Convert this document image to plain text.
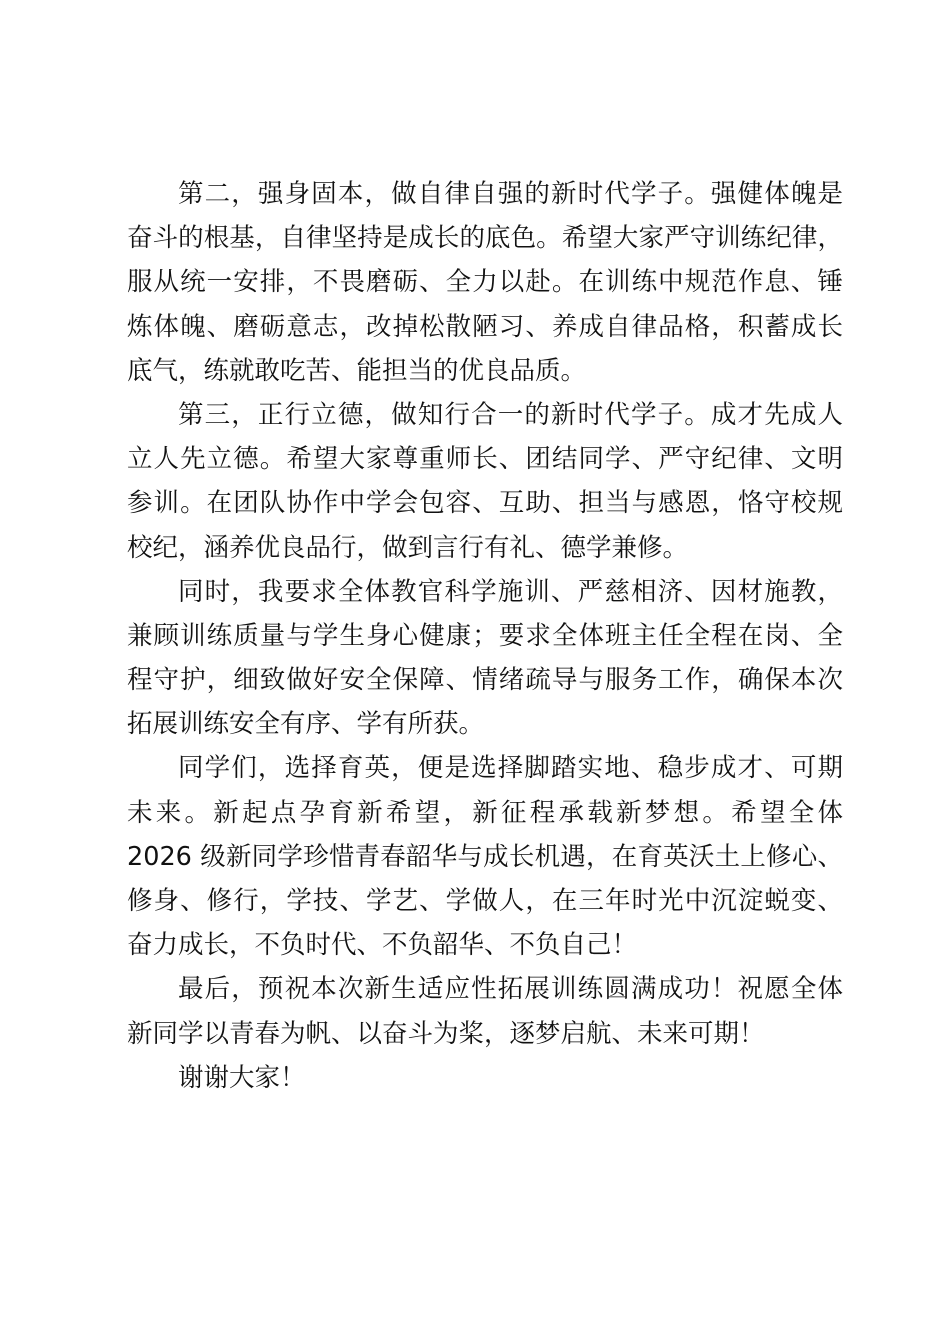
第二，强身固本，做自律自强的新时代学子。强健体魄是
奋斗的根基，自律坚持是成长的底色。希望大家严守训练纪律，
服从统一安排，不畏磨砺、全力以赴。在训练中规范作息、锤
炼体魄、磨砺意志，改掉松散陋习、养成自律品格，积蓄成长
底气，练就敢吃苦、能担当的优良品质。
第三，正行立德，做知行合一的新时代学子。成才先成人
立人先立德。希望大家尊重师长、团结同学、严守纪律、文明
参训。在团队协作中学会包容、互助、担当与感恩，恪守校规
校纪，涵养优良品行，做到言行有礼、德学兼修。
同时，我要求全体教官科学施训、严慈相济、因材施教，
兼顾训练质量与学生身心健康；要求全体班主任全程在岗、全
程守护，细致做好安全保障、情绪疏导与服务工作，确保本次
拓展训练安全有序、学有所获。
同学们，选择育英，便是选择脚踏实地、稳步成才、可期
未来。新起点孕育新希望，新征程承载新梦想。希望全体
2026 级新同学珍惜青春韶华与成长机遇，在育英沃土上修心、
修身、修行，学技、学艺、学做人，在三年时光中沉淀蜕变、
奋力成长，不负时代、不负韶华、不负自己！
最后，预祝本次新生适应性拓展训练圆满成功！祝愿全体
新同学以青春为帆、以奋斗为桨，逐梦启航、未来可期！
谢谢大家！
